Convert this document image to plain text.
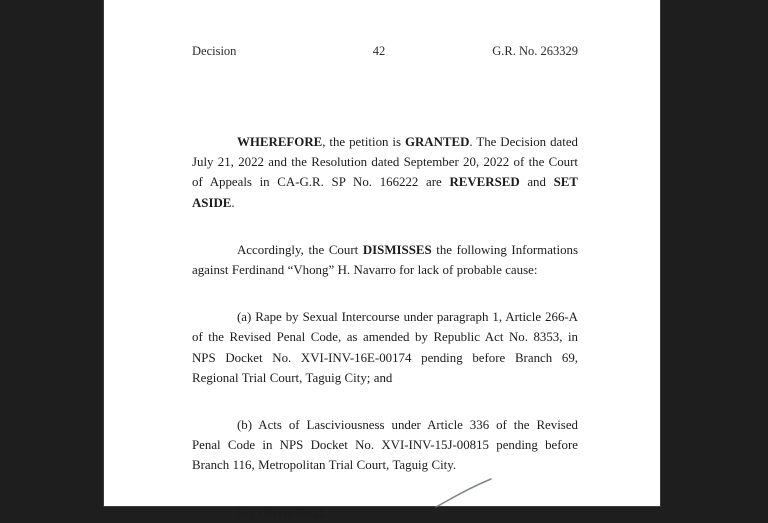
Decision	42	G.R. No. 263329

WHEREFORE, the petition is GRANTED. The Decision dated July 21, 2022 and the Resolution dated September 20, 2022 of the Court of Appeals in CA-G.R. SP No. 166222 are REVERSED and SET ASIDE.

Accordingly, the Court DISMISSES the following Informations against Ferdinand “Vhong” H. Navarro for lack of probable cause:

(a) Rape by Sexual Intercourse under paragraph 1, Article 266-A of the Revised Penal Code, as amended by Republic Act No. 8353, in NPS Docket No. XVI-INV-16E-00174 pending before Branch 69, Regional Trial Court, Taguig City; and

(b) Acts of Lasciviousness under Article 336 of the Revised Penal Code in NPS Docket No. XVI-INV-15J-00815 pending before Branch 116, Metropolitan Trial Court, Taguig City.

SO ORDERED.
